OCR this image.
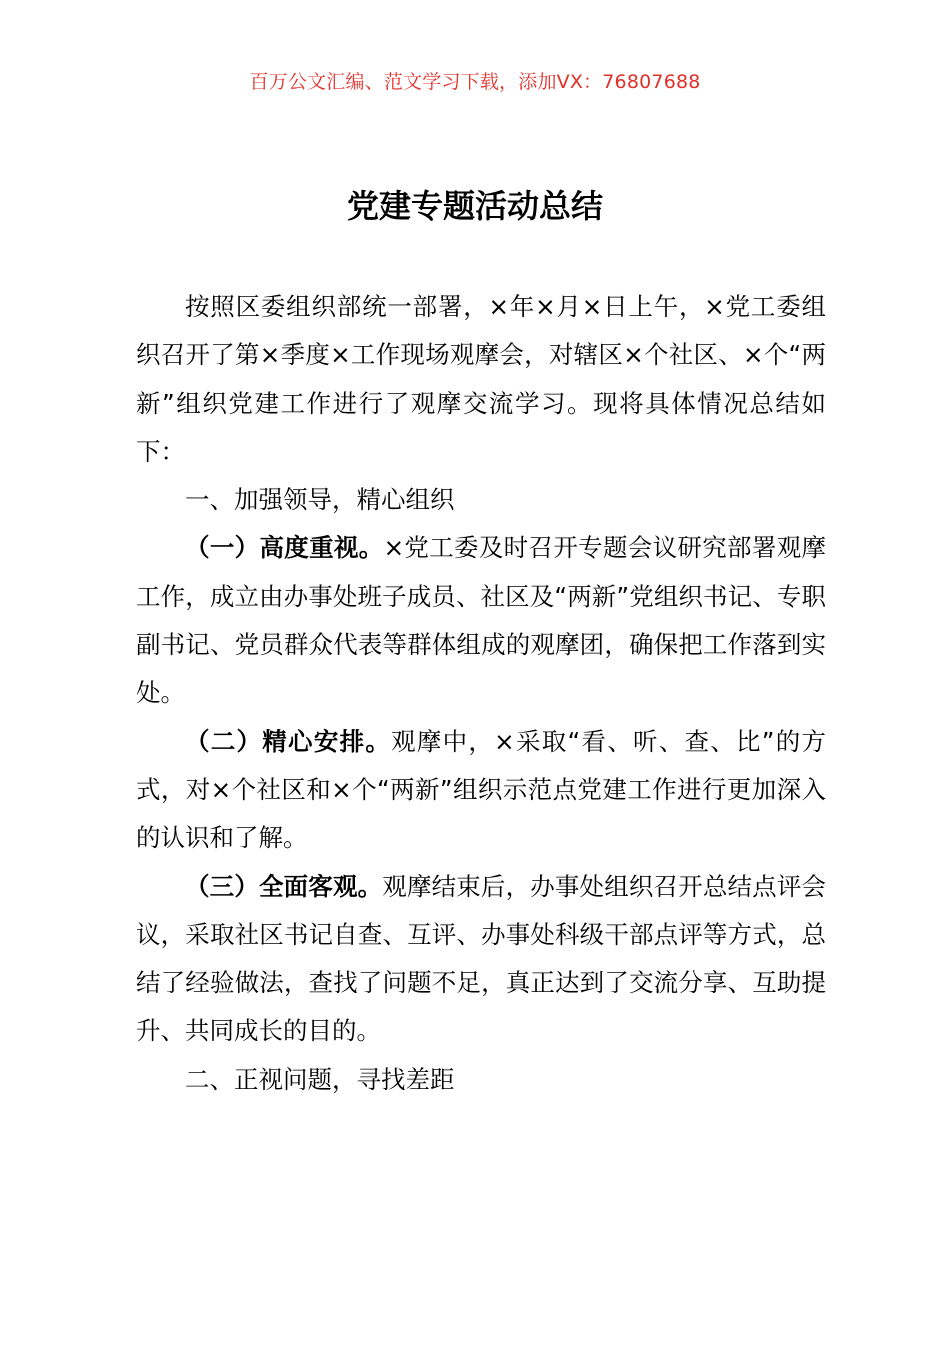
百万公文汇编、范文学习下载，添加VX：76807688
党建专题活动总结

按照区委组织部统一部署，×年×月×日上午，×党工委组织召开了第×季度×工作现场观摩会，对辖区×个社区、×个“两新”组织党建工作进行了观摩交流学习。现将具体情况总结如下：

一、加强领导，精心组织

（一）高度重视。×党工委及时召开专题会议研究部署观摩工作，成立由办事处班子成员、社区及“两新”党组织书记、专职副书记、党员群众代表等群体组成的观摩团，确保把工作落到实处。

（二）精心安排。观摩中，×采取“看、听、查、比”的方式，对×个社区和×个“两新”组织示范点党建工作进行更加深入的认识和了解。

（三）全面客观。观摩结束后，办事处组织召开总结点评会议，采取社区书记自查、互评、办事处科级干部点评等方式，总结了经验做法，查找了问题不足，真正达到了交流分享、互助提升、共同成长的目的。

二、正视问题，寻找差距
